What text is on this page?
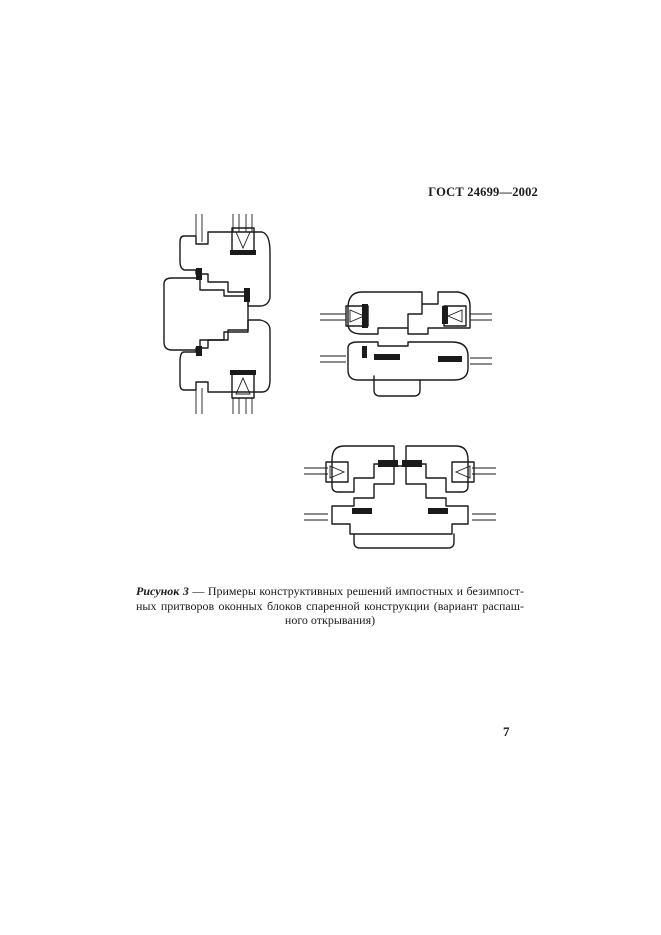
ГОСТ 24699—2002
Рисунок 3 — Примеры конструктивных решений импостных и безимпост-
ных притворов оконных блоков спаренной конструкции (вариант распаш-
ного открывания)
7
